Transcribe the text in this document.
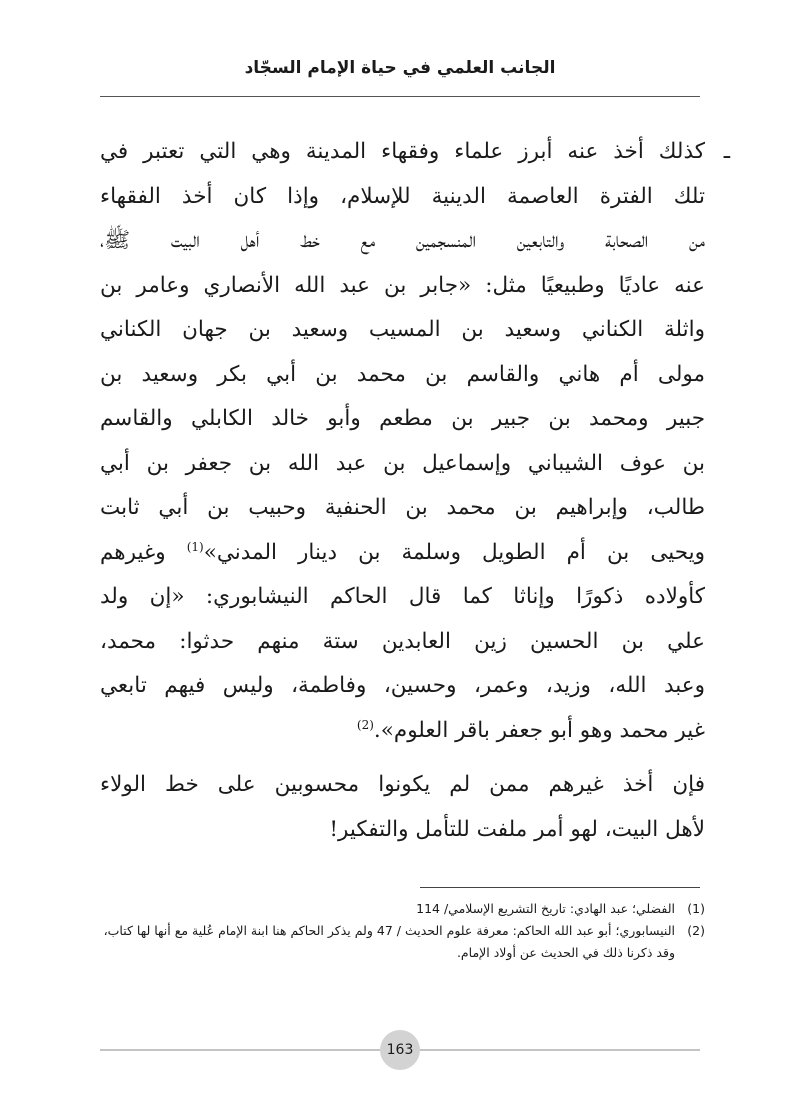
الجانب العلمي في حياة الإمام السجّاد
ـ
كذلك أخذ عنه أبرز علماء وفقهاء المدينة وهي التي تعتبر في
تلك الفترة العاصمة الدينية للإسلام، وإذا كان أخذ الفقهاء
من الصحابة والتابعين المنسجمين مع خط أهل البيت ﷺ،
عنه عاديًا وطبيعيًا مثل: «جابر بن عبد الله الأنصاري وعامر بن
واثلة الكناني وسعيد بن المسيب وسعيد بن جهان الكناني
مولى أم هاني والقاسم بن محمد بن أبي بكر وسعيد بن
جبير ومحمد بن جبير بن مطعم وأبو خالد الكابلي والقاسم
بن عوف الشيباني وإسماعيل بن عبد الله بن جعفر بن أبي
طالب، وإبراهيم بن محمد بن الحنفية وحبيب بن أبي ثابت
ويحيى بن أم الطويل وسلمة بن دينار المدني»$^{(1)}$ وغيرهم
كأولاده ذكورًا وإناثا كما قال الحاكم النيشابوري: «إن ولد
علي بن الحسين زين العابدين ستة منهم حدثوا: محمد،
وعبد الله، وزيد، وعمر، وحسين، وفاطمة، وليس فيهم تابعي
غير محمد وهو أبو جعفر باقر العلوم».$^{(2)}$
فإن أخذ غيرهم ممن لم يكونوا محسوبين على خط الولاء
لأهل البيت، لهو أمر ملفت للتأمل والتفكير!
(1)
الفضلي؛ عبد الهادي: تاريخ التشريع الإسلامي/ 114
(2)
النيسابوري؛ أبو عبد الله الحاكم: معرفة علوم الحديث / 47 ولم يذكر الحاكم هنا ابنة الإمام عُلية مع أنها لها كتاب، وقد ذكرنا ذلك في الحديث عن أولاد الإمام.
163
